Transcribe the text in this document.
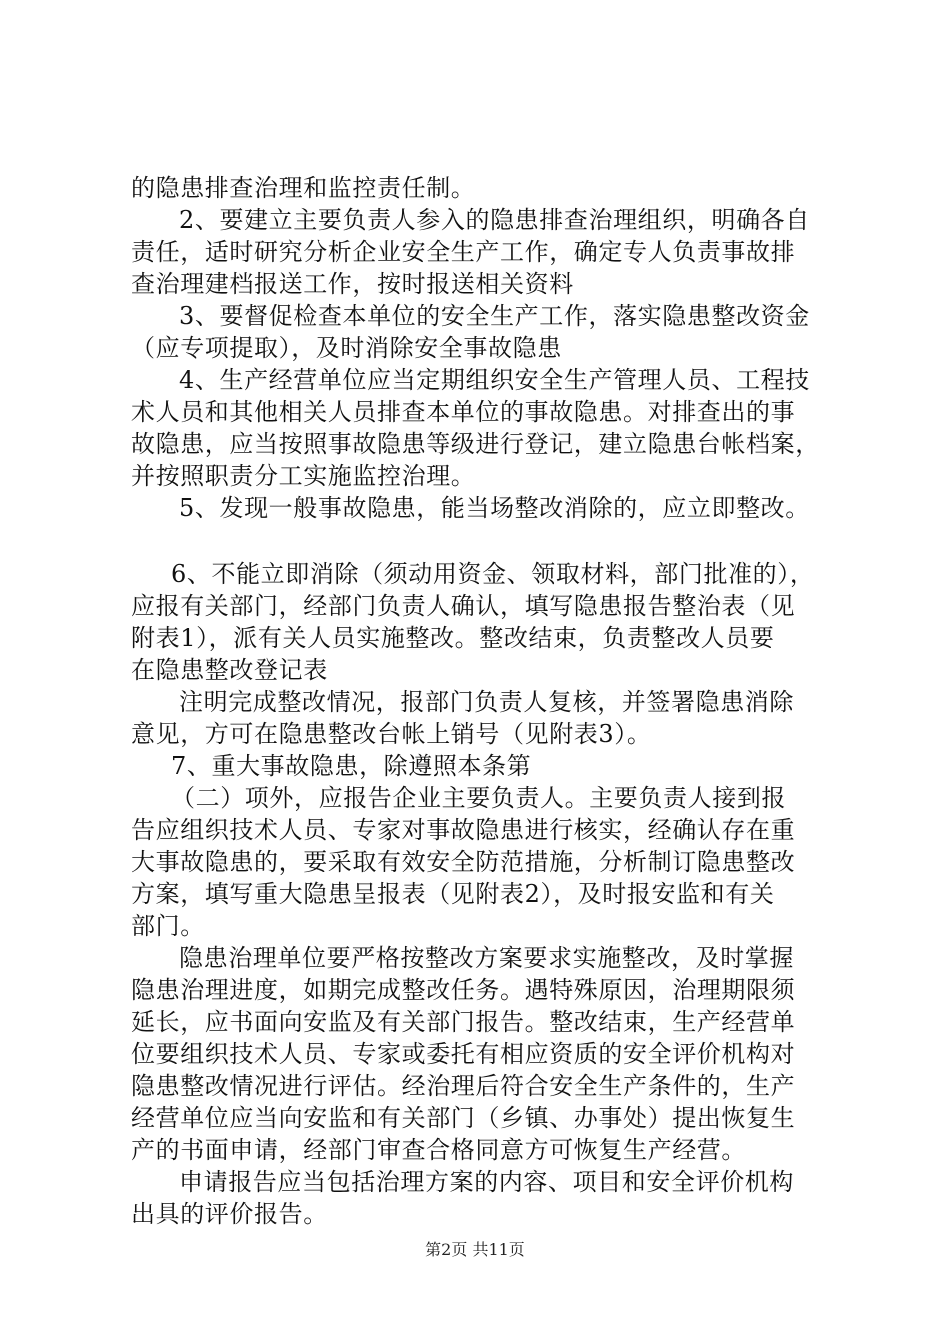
的隐患排查治理和监控责任制。
2、要建立主要负责人参入的隐患排查治理组织，明确各自
责任，适时研究分析企业安全生产工作，确定专人负责事故排
查治理建档报送工作，按时报送相关资料
3、要督促检查本单位的安全生产工作，落实隐患整改资金
（应专项提取），及时消除安全事故隐患
4、生产经营单位应当定期组织安全生产管理人员、工程技
术人员和其他相关人员排查本单位的事故隐患。对排查出的事
故隐患，应当按照事故隐患等级进行登记，建立隐患台帐档案，
并按照职责分工实施监控治理。
5、发现一般事故隐患，能当场整改消除的，应立即整改。
6、不能立即消除（须动用资金、领取材料，部门批准的），
应报有关部门，经部门负责人确认，填写隐患报告整治表（见
附表1），派有关人员实施整改。整改结束，负责整改人员要
在隐患整改登记表
注明完成整改情况，报部门负责人复核，并签署隐患消除
意见，方可在隐患整改台帐上销号（见附表3）。
7、重大事故隐患，除遵照本条第
（二）项外，应报告企业主要负责人。主要负责人接到报
告应组织技术人员、专家对事故隐患进行核实，经确认存在重
大事故隐患的，要采取有效安全防范措施，分析制订隐患整改
方案，填写重大隐患呈报表（见附表2），及时报安监和有关
部门。
隐患治理单位要严格按整改方案要求实施整改，及时掌握
隐患治理进度，如期完成整改任务。遇特殊原因，治理期限须
延长，应书面向安监及有关部门报告。整改结束，生产经营单
位要组织技术人员、专家或委托有相应资质的安全评价机构对
隐患整改情况进行评估。经治理后符合安全生产条件的，生产
经营单位应当向安监和有关部门（乡镇、办事处）提出恢复生
产的书面申请，经部门审查合格同意方可恢复生产经营。
申请报告应当包括治理方案的内容、项目和安全评价机构
出具的评价报告。
第2页 共11页
